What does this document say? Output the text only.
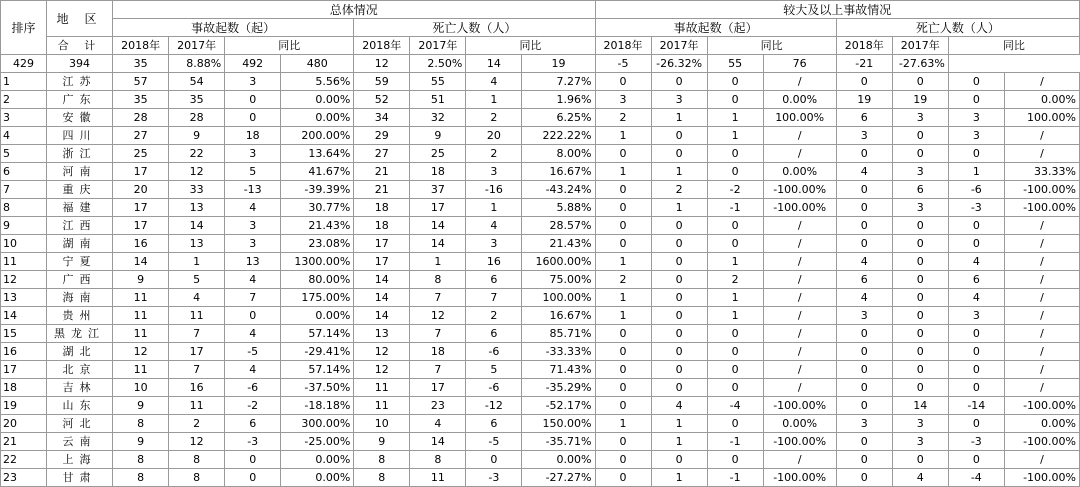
排序	地 区	总体情况								较大及以上事故情况							
		事故起数（起）				死亡人数（人）				事故起数（起）				死亡人数（人）			
	合 计	2018年	2017年	同比		2018年	2017年	同比		2018年	2017年	同比		2018年	2017年	同比	
429	394	35	8.88%	492	480	12	2.50%	14	19	-5	-26.32%	55	76	-21	-27.63%		
1	江苏	57	54	3	5.56%	59	55	4	7.27%	0	0	0	/	0	0	0	/
2	广东	35	35	0	0.00%	52	51	1	1.96%	3	3	0	0.00%	19	19	0	0.00%
3	安徽	28	28	0	0.00%	34	32	2	6.25%	2	1	1	100.00%	6	3	3	100.00%
4	四川	27	9	18	200.00%	29	9	20	222.22%	1	0	1	/	3	0	3	/
5	浙江	25	22	3	13.64%	27	25	2	8.00%	0	0	0	/	0	0	0	/
6	河南	17	12	5	41.67%	21	18	3	16.67%	1	1	0	0.00%	4	3	1	33.33%
7	重庆	20	33	-13	-39.39%	21	37	-16	-43.24%	0	2	-2	-100.00%	0	6	-6	-100.00%
8	福建	17	13	4	30.77%	18	17	1	5.88%	0	1	-1	-100.00%	0	3	-3	-100.00%
9	江西	17	14	3	21.43%	18	14	4	28.57%	0	0	0	/	0	0	0	/
10	湖南	16	13	3	23.08%	17	14	3	21.43%	0	0	0	/	0	0	0	/
11	宁夏	14	1	13	1300.00%	17	1	16	1600.00%	1	0	1	/	4	0	4	/
12	广西	9	5	4	80.00%	14	8	6	75.00%	2	0	2	/	6	0	6	/
13	海南	11	4	7	175.00%	14	7	7	100.00%	1	0	1	/	4	0	4	/
14	贵州	11	11	0	0.00%	14	12	2	16.67%	1	0	1	/	3	0	3	/
15	黑龙江	11	7	4	57.14%	13	7	6	85.71%	0	0	0	/	0	0	0	/
16	湖北	12	17	-5	-29.41%	12	18	-6	-33.33%	0	0	0	/	0	0	0	/
17	北京	11	7	4	57.14%	12	7	5	71.43%	0	0	0	/	0	0	0	/
18	吉林	10	16	-6	-37.50%	11	17	-6	-35.29%	0	0	0	/	0	0	0	/
19	山东	9	11	-2	-18.18%	11	23	-12	-52.17%	0	4	-4	-100.00%	0	14	-14	-100.00%
20	河北	8	2	6	300.00%	10	4	6	150.00%	1	1	0	0.00%	3	3	0	0.00%
21	云南	9	12	-3	-25.00%	9	14	-5	-35.71%	0	1	-1	-100.00%	0	3	-3	-100.00%
22	上海	8	8	0	0.00%	8	8	0	0.00%	0	0	0	/	0	0	0	/
23	甘肃	8	8	0	0.00%	8	11	-3	-27.27%	0	1	-1	-100.00%	0	4	-4	-100.00%
